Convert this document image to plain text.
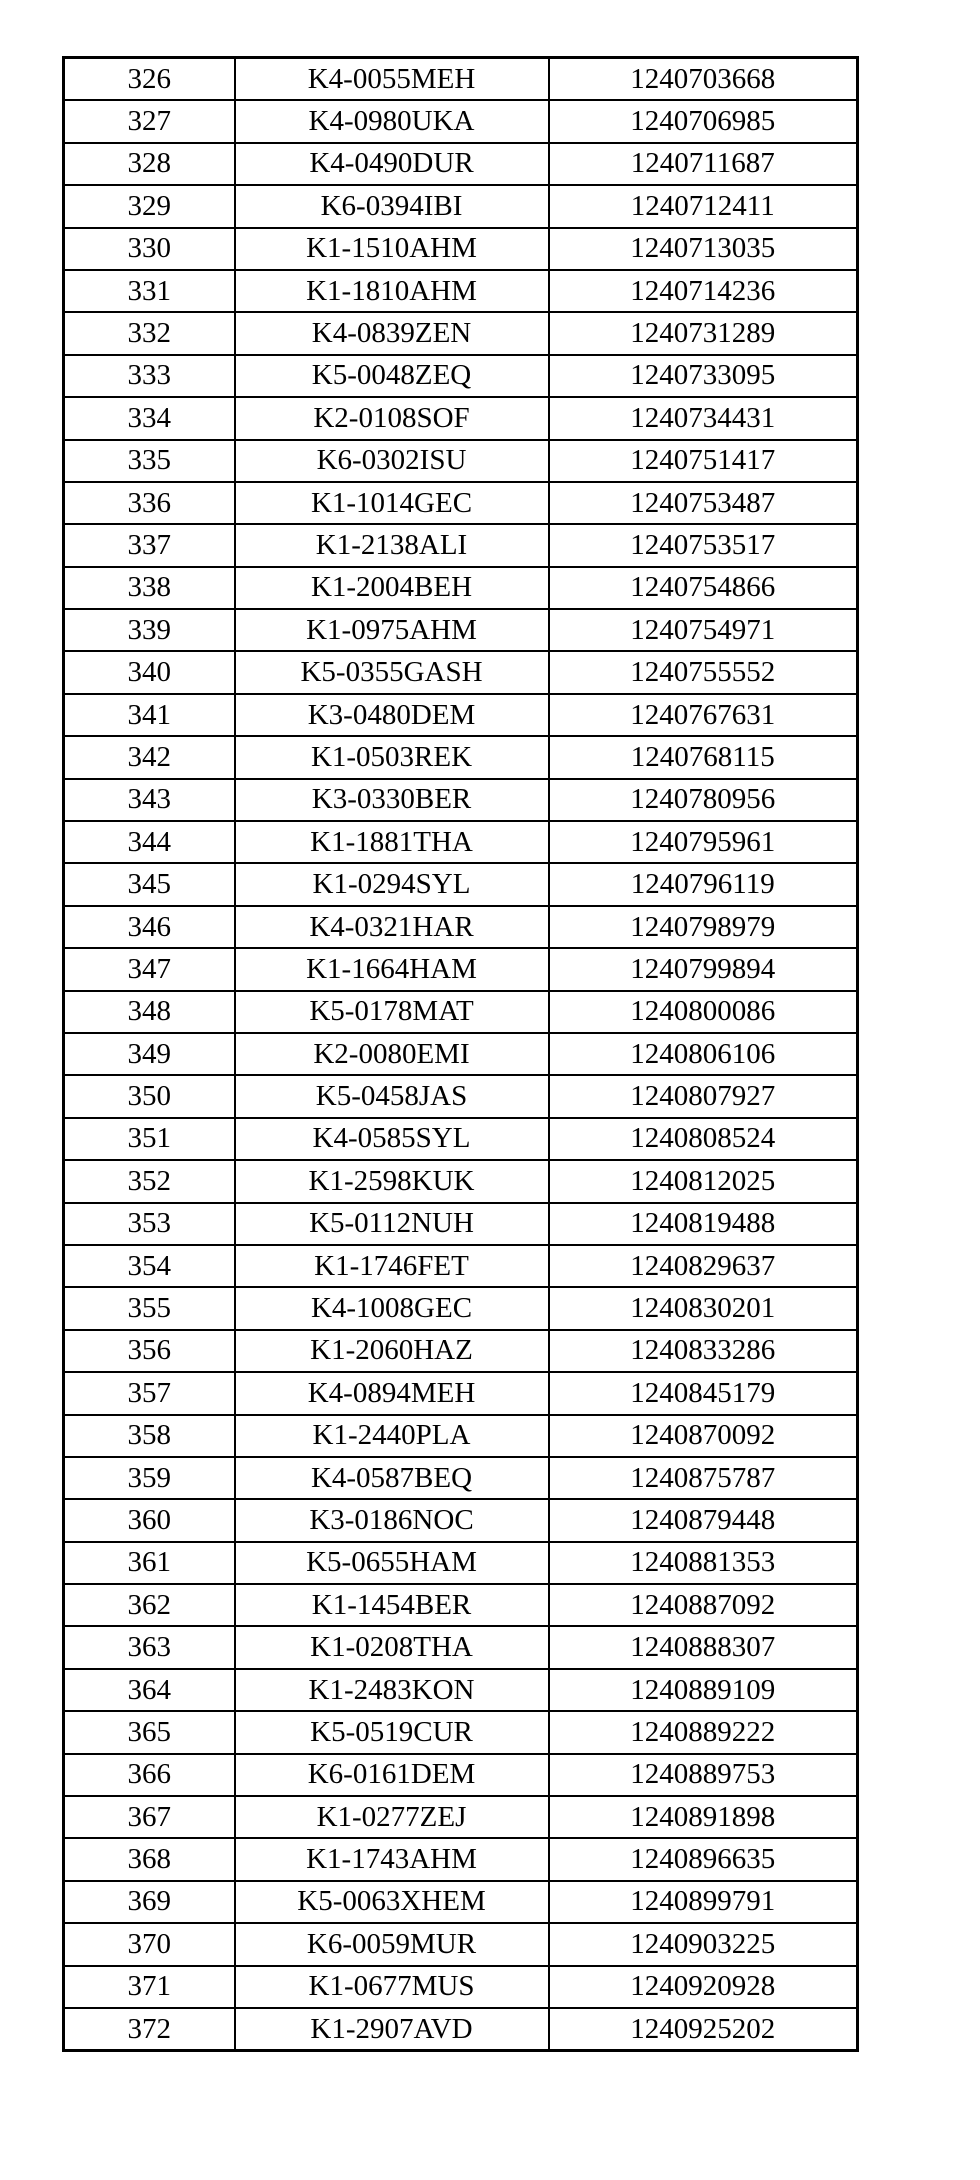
326	K4-0055MEH	1240703668
327	K4-0980UKA	1240706985
328	K4-0490DUR	1240711687
329	K6-0394IBI	1240712411
330	K1-1510AHM	1240713035
331	K1-1810AHM	1240714236
332	K4-0839ZEN	1240731289
333	K5-0048ZEQ	1240733095
334	K2-0108SOF	1240734431
335	K6-0302ISU	1240751417
336	K1-1014GEC	1240753487
337	K1-2138ALI	1240753517
338	K1-2004BEH	1240754866
339	K1-0975AHM	1240754971
340	K5-0355GASH	1240755552
341	K3-0480DEM	1240767631
342	K1-0503REK	1240768115
343	K3-0330BER	1240780956
344	K1-1881THA	1240795961
345	K1-0294SYL	1240796119
346	K4-0321HAR	1240798979
347	K1-1664HAM	1240799894
348	K5-0178MAT	1240800086
349	K2-0080EMI	1240806106
350	K5-0458JAS	1240807927
351	K4-0585SYL	1240808524
352	K1-2598KUK	1240812025
353	K5-0112NUH	1240819488
354	K1-1746FET	1240829637
355	K4-1008GEC	1240830201
356	K1-2060HAZ	1240833286
357	K4-0894MEH	1240845179
358	K1-2440PLA	1240870092
359	K4-0587BEQ	1240875787
360	K3-0186NOC	1240879448
361	K5-0655HAM	1240881353
362	K1-1454BER	1240887092
363	K1-0208THA	1240888307
364	K1-2483KON	1240889109
365	K5-0519CUR	1240889222
366	K6-0161DEM	1240889753
367	K1-0277ZEJ	1240891898
368	K1-1743AHM	1240896635
369	K5-0063XHEM	1240899791
370	K6-0059MUR	1240903225
371	K1-0677MUS	1240920928
372	K1-2907AVD	1240925202
